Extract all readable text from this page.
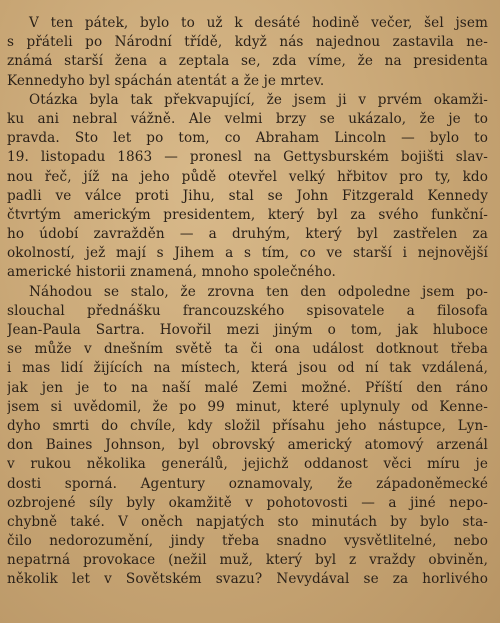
V ten pátek, bylo to už k desáté hodině večer, šel jsem
s přáteli po Národní třídě, když nás najednou zastavila ne-
známá starší žena a zeptala se, zda víme, že na presidenta
Kennedyho byl spáchán atentát a že je mrtev.
Otázka byla tak překvapující, že jsem ji v prvém okamži-
ku ani nebral vážně. Ale velmi brzy se ukázalo, že je to
pravda. Sto let po tom, co Abraham Lincoln — bylo to
19. listopadu 1863 — pronesl na Gettysburském bojišti slav-
nou řeč, jíž na jeho půdě otevřel velký hřbitov pro ty, kdo
padli ve válce proti Jihu, stal se John Fitzgerald Kennedy
čtvrtým americkým presidentem, který byl za svého funkční-
ho údobí zavražděn — a druhým, který byl zastřelen za
okolností, jež mají s Jihem a s tím, co ve starší i nejnovější
americké historii znamená, mnoho společného.
Náhodou se stalo, že zrovna ten den odpoledne jsem po-
slouchal přednášku francouzského spisovatele a filosofa
Jean-Paula Sartra. Hovořil mezi jiným o tom, jak hluboce
se může v dnešním světě ta či ona událost dotknout třeba
i mas lidí žijících na místech, která jsou od ní tak vzdálená,
jak jen je to na naší malé Zemi možné. Příští den ráno
jsem si uvědomil, že po 99 minut, které uplynuly od Kenne-
dyho smrti do chvíle, kdy složil přísahu jeho nástupce, Lyn-
don Baines Johnson, byl obrovský americký atomový arzenál
v rukou několika generálů, jejichž oddanost věci míru je
dosti sporná. Agentury oznamovaly, že západoněmecké
ozbrojené síly byly okamžitě v pohotovosti — a jiné nepo-
chybně také. V oněch napjatých sto minutách by bylo sta-
čilo nedorozumění, jindy třeba snadno vysvětlitelné, nebo
nepatrná provokace (nežil muž, který byl z vraždy obviněn,
několik let v Sovětském svazu? Nevydával se za horlivého
